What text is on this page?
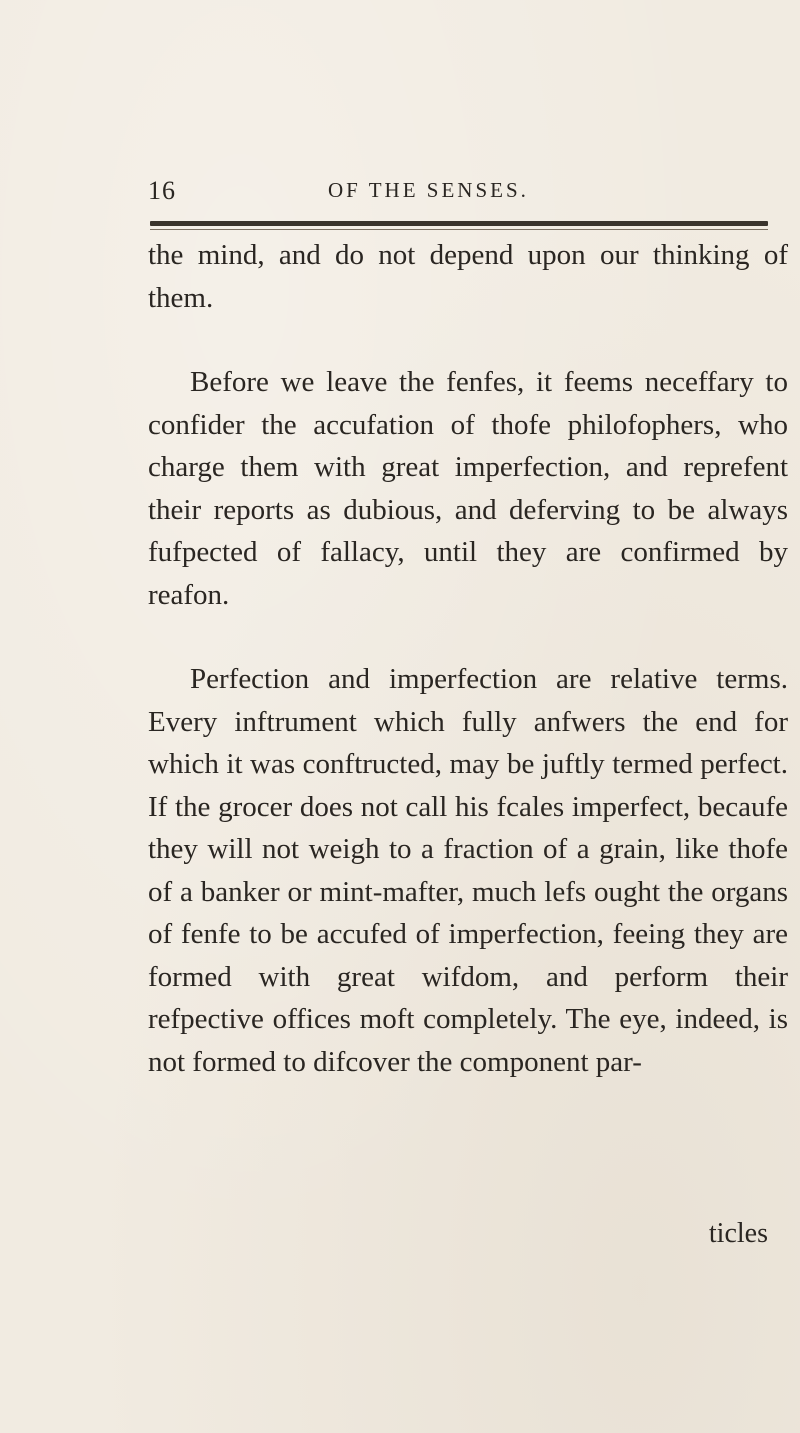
16	OF THE SENSES.

the mind, and do not depend upon our thinking of them.

Before we leave the fenfes, it feems neceffary to confider the accufation of thofe philofophers, who charge them with great imperfection, and reprefent their reports as dubious, and deferving to be always fufpected of fallacy, until they are confirmed by reafon.

Perfection and imperfection are relative terms. Every inftrument which fully anfwers the end for which it was conftructed, may be juftly termed perfect. If the grocer does not call his fcales imperfect, becaufe they will not weigh to a fraction of a grain, like thofe of a banker or mint-mafter, much lefs ought the organs of fenfe to be accufed of imperfection, feeing they are formed with great wifdom, and perform their refpective offices moft completely. The eye, indeed, is not formed to difcover the component par-

ticles
